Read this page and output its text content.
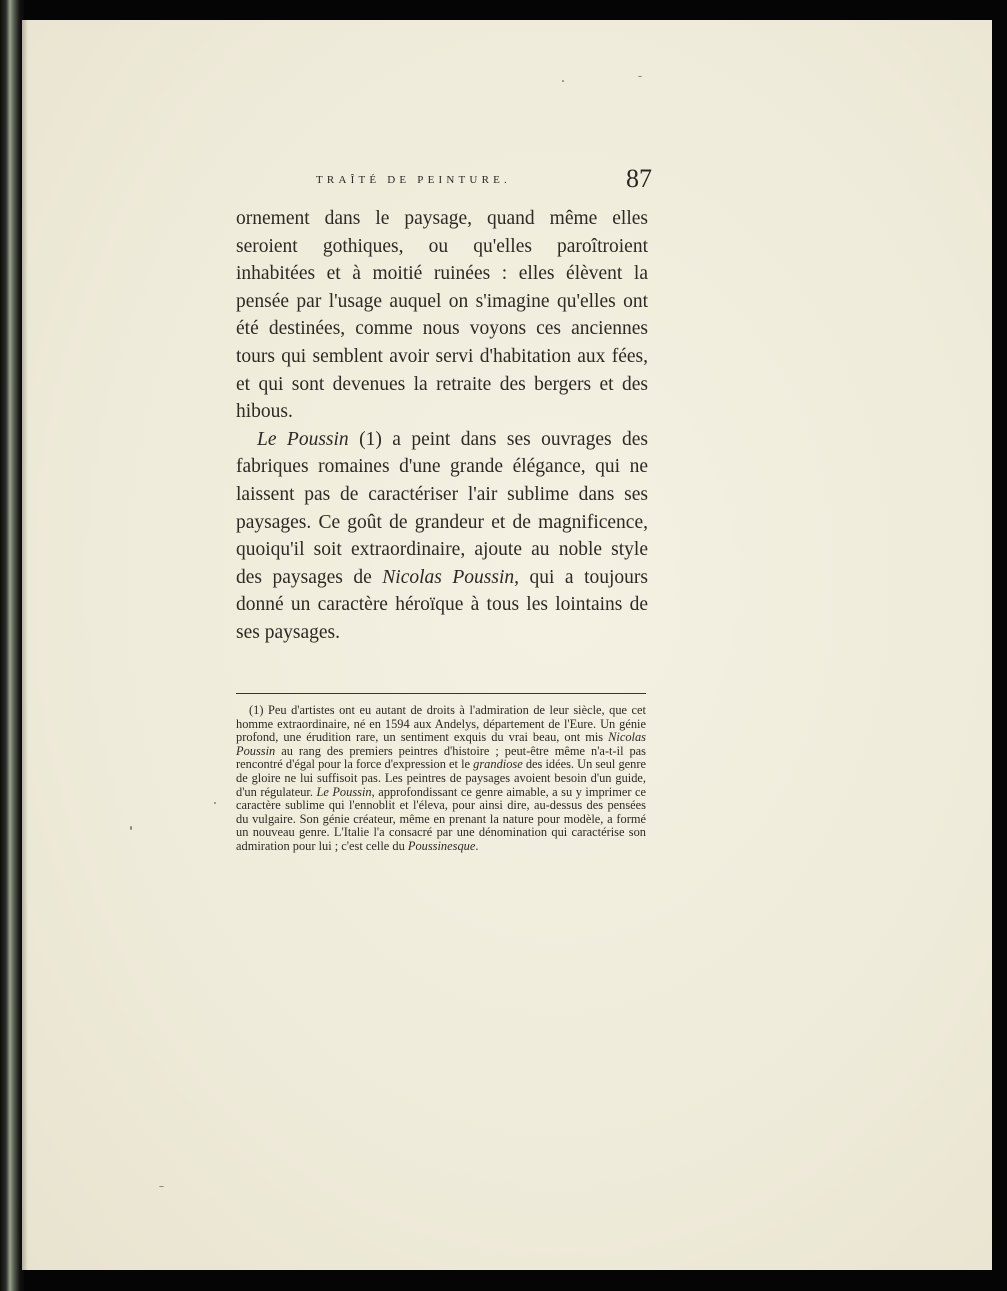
TRAÎTÉ DE PEINTURE.	87

ornement dans le paysage, quand même elles seroient gothiques, ou qu'elles paroîtroient inhabitées et à moitié ruinées : elles élèvent la pensée par l'usage auquel on s'imagine qu'elles ont été destinées, comme nous voyons ces anciennes tours qui semblent avoir servi d'habitation aux fées, et qui sont devenues la retraite des bergers et des hibous.

Le Poussin (1) a peint dans ses ouvrages des fabriques romaines d'une grande élégance, qui ne laissent pas de caractériser l'air sublime dans ses paysages. Ce goût de grandeur et de magnificence, quoiqu'il soit extraordinaire, ajoute au noble style des paysages de Nicolas Poussin, qui a toujours donné un caractère héroïque à tous les lointains de ses paysages.

(1) Peu d'artistes ont eu autant de droits à l'admiration de leur siècle, que cet homme extraordinaire, né en 1594 aux Andelys, département de l'Eure. Un génie profond, une érudition rare, un sentiment exquis du vrai beau, ont mis Nicolas Poussin au rang des premiers peintres d'histoire ; peut-être même n'a-t-il pas rencontré d'égal pour la force d'expression et le grandiose des idées. Un seul genre de gloire ne lui suffisoit pas. Les peintres de paysages avoient besoin d'un guide, d'un régulateur. Le Poussin, approfondissant ce genre aimable, a su y imprimer ce caractère sublime qui l'ennoblit et l'éleva, pour ainsi dire, au-dessus des pensées du vulgaire. Son génie créateur, même en prenant la nature pour modèle, a formé un nouveau genre. L'Italie l'a consacré par une dénomination qui caractérise son admiration pour lui ; c'est celle du Poussinesque.
